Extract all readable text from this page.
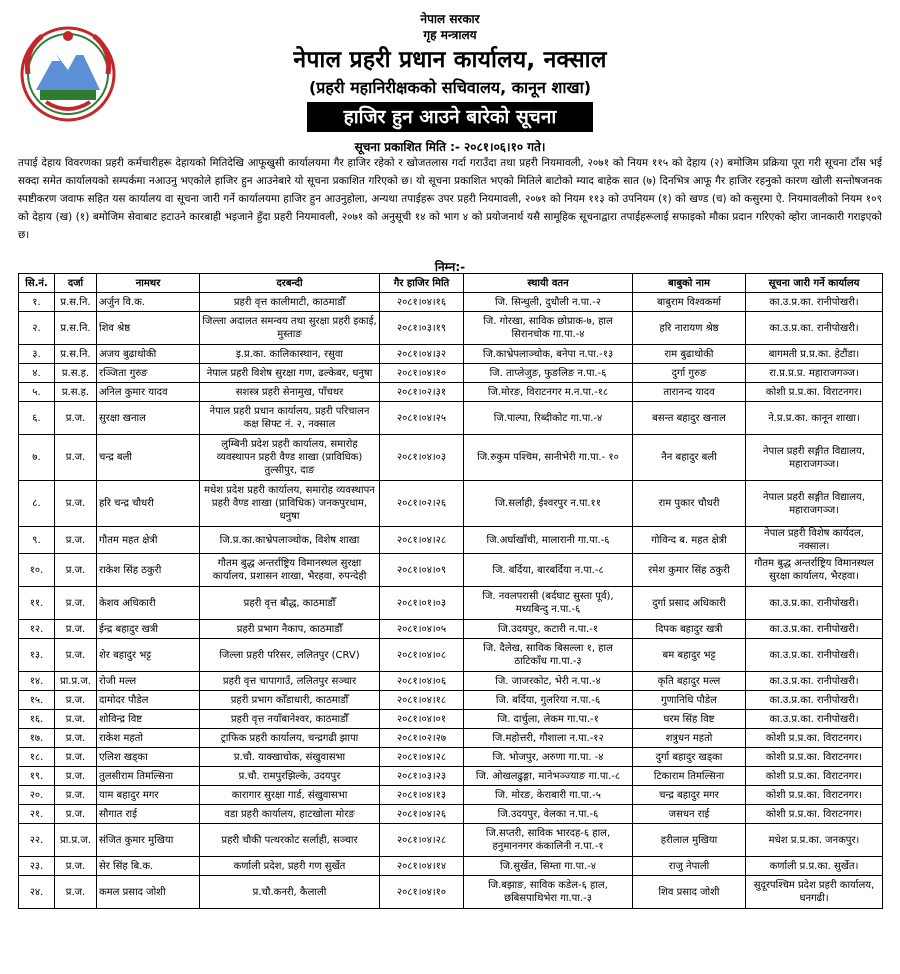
नेपाल सरकार
गृह मन्त्रालय
नेपाल प्रहरी प्रधान कार्यालय, नक्साल
(प्रहरी महानिरीक्षकको सचिवालय, कानून शाखा)
हाजिर हुन आउने बारेको सूचना
सूचना प्रकाशित मिति :- २०८१।०६।१० गते।
तपाई देहाय विवरणका प्रहरी कर्मचारीहरू देहायको मितिदेखि आफूखुसी कार्यालयमा गैर हाजिर रहेको र खोजतलास गर्दा गराउँदा तथा प्रहरी नियमावली, २०७१ को नियम ११५ को देहाय (२) बमोजिम प्रक्रिया पूरा गरी सूचना टाँस भई सक्दा समेत कार्यालयको सम्पर्कमा नआउनु भएकोले हाजिर हुन आउनेबारे यो सूचना प्रकाशित गरिएको छ। यो सूचना प्रकाशित भएको मितिले बाटोको म्याद बाहेक सात (७) दिनभित्र आफू गैर हाजिर रहनुको कारण खोली सन्तोषजनक स्पष्टीकरण जवाफ सहित यस कार्यालय वा सूचना जारी गर्ने कार्यालयमा हाजिर हुन आउनुहोला, अन्यथा तपाईहरू उपर प्रहरी नियमावली, २०७१ को नियम ११३ को उपनियम (१) को खण्ड (च) को कसुरमा ऐ. नियमावलीको नियम १०९ को देहाय (ख) (१) बमोजिम सेवाबाट हटाउने कारबाही भइजाने हुँदा प्रहरी नियमावली, २०७१ को अनुसूची १४ को भाग ४ को प्रयोजनार्थ यसै सामूहिक सूचनाद्वारा तपाईहरूलाई सफाइको मौका प्रदान गरिएको व्होरा जानकारी गराइएको छ।
निम्न:-
सि.नं.	दर्जा	नामथर	दरबन्दी	गैर हाजिर मिति	स्थायी वतन	बाबुको नाम	सूचना जारी गर्ने कार्यालय
१.	प्र.स.नि.	अर्जुन वि.क.	प्रहरी वृत्त कालीमाटी, काठमाडौँ	२०८१।०४।१६	जि. सिन्धुली, दुधौली न.पा.-२	बाबुराम विश्वकर्मा	का.उ.प्र.का. रानीपोखरी।
२.	प्र.स.नि.	शिव श्रेष्ठ	जिल्ला अदालत समन्वय तथा सुरक्षा प्रहरी इकाई, मुस्ताङ	२०८१।०३।१९	जि. गोरखा, साविक छोप्राक-७, हाल सिरानचोक गा.पा.-४	हरि नारायण श्रेष्ठ	का.उ.प्र.का. रानीपोखरी।
३.	प्र.स.नि.	अजय बुढाथोकी	इ.प्र.का. कालिकास्थान, रसुवा	२०८१।०४।३२	जि.काभ्रेपलाञ्चोक, बनेपा न.पा.-१३	राम बुढाथोकी	बागमती प्र.प्र.का. हेटौंडा।
४.	प्र.स.ह.	रञ्जिता गुरुङ	नेपाल प्रहरी विशेष सुरक्षा गण, ढल्केबर, धनुषा	२०८१।०४।१०	जि. ताप्लेजुङ, फुङलिङ न.पा.-६	दुर्गा गुरुङ	रा.प्र.प्र.प्र. महाराजगञ्ज।
५.	प्र.स.ह.	अनिल कुमार यादव	सशस्त्र प्रहरी सेनामुख, पाँचथर	२०८१।०२।३१	जि.मोरङ, विराटनगर म.न.पा.-१८	तारानन्द यादव	कोशी प्र.प्र.का. विराटनगर।
६.	प्र.ज.	सुरक्षा खनाल	नेपाल प्रहरी प्रधान कार्यालय, प्रहरी परिचालन कक्ष सिफ्ट नं. २, नक्साल	२०८१।०४।२५	जि.पाल्पा, रिब्दीकोट गा.पा.-४	बसन्त बहादुर खनाल	ने.प्र.प्र.का. कानून शाखा।
७.	प्र.ज.	चन्द्र बली	लुम्बिनी प्रदेश प्रहरी कार्यालय, समारोह व्यवस्थापन प्रहरी वैण्ड शाखा (प्राविधिक) तुल्सीपुर, दाङ	२०८१।०४।०३	जि.रुकुम पश्चिम, सानीभेरी गा.पा.- १०	नैन बहादुर बली	नेपाल प्रहरी सङ्गीत विद्यालय, महाराजगञ्ज।
८.	प्र.ज.	हरि चन्द्र चौधरी	मधेश प्रदेश प्रहरी कार्यालय, समारोह व्यवस्थापन प्रहरी वैण्ड शाखा (प्राविधिक) जनकपुरधाम, धनुषा	२०८१।०२।२६	जि.सर्लाही, ईश्वरपुर न.पा.११	राम पुकार चौधरी	नेपाल प्रहरी सङ्गीत विद्यालय, महाराजगञ्ज।
९.	प्र.ज.	गौतम महत क्षेत्री	जि.प्र.का.काभ्रेपलाञ्चोक, विशेष शाखा	२०८१।०४।२८	जि.अर्घाखाँची, मालारानी गा.पा.-६	गोविन्द ब. महत क्षेत्री	नेपाल प्रहरी विशेष कार्यदल, नक्साल।
१०.	प्र.ज.	राकेश सिंह ठकुरी	गौतम बुद्ध अन्तर्राष्ट्रिय विमानस्थल सुरक्षा कार्यालय, प्रशासन शाखा, भैरहवा, रुपन्देही	२०८१।०४।०९	जि. बर्दिया, बारबर्दिया न.पा.-८	रमेश कुमार सिंह ठकुरी	गौतम बुद्ध अन्तर्राष्ट्रिय विमानस्थल सुरक्षा कार्यालय, भैरहवा।
११.	प्र.ज.	केशव अधिकारी	प्रहरी वृत्त बौद्ध, काठमाडौँ	२०८१।०१।०३	जि. नवलपरासी (बर्दघाट सुस्ता पूर्व), मध्यबिन्दु न.पा.-६	दुर्गा प्रसाद अधिकारी	का.उ.प्र.का. रानीपोखरी।
१२.	प्र.ज.	ईन्द्र बहादुर खत्री	प्रहरी प्रभाग नैकाप, काठमाडौँ	२०८१।०४।०५	जि.उदयपुर, कटारी न.पा.-१	दिपक बहादुर खत्री	का.उ.प्र.का. रानीपोखरी।
१३.	प्र.ज.	शेर बहादुर भट्ट	जिल्ला प्रहरी परिसर, ललितपुर (CRV)	२०८१।०४।०८	जि. दैलेख, साविक बिसल्ला १, हाल ठाटिकाँध गा.पा.-३	बम बहादुर भट्ट	का.उ.प्र.का. रानीपोखरी।
१४.	प्रा.प्र.ज.	रोजी मल्ल	प्रहरी वृत्त चापागाउँ, ललितपुर सञ्चार	२०८१।०४।०६	जि. जाजरकोट, भेरी न.पा.-४	कृति बहादुर मल्ल	का.उ.प्र.का. रानीपोखरी।
१५.	प्र.ज.	दामोदर पौडेल	प्रहरी प्रभाग कोँडाधारी, काठमाडौँ	२०८१।०४।१८	जि. बर्दिया, गुलरिया न.पा.-६	गुणानिधि पौडेल	का.उ.प्र.का. रानीपोखरी।
१६.	प्र.ज.	शोविन्द्र विष्ट	प्रहरी वृत्त नयाँबानेश्वर, काठमाडौँ	२०८१।०४।०१	जि. दार्चुला, लेकम गा.पा.-१	घरम सिंह विष्ट	का.उ.प्र.का. रानीपोखरी।
१७.	प्र.ज.	राकेश महतो	ट्राफिक प्रहरी कार्यालय, चन्द्रगढी झापा	२०८१।०२।२७	जि.महोत्तरी, गौशाला न.पा.-१२	शत्रुधन महतो	कोशी प्र.प्र.का. विराटनगर।
१८.	प्र.ज.	एलिश खड्का	प्र.चौ. याक्खाचोक, संखुवासभा	२०८१।०४।२८	जि. भोजपुर, अरुणा गा.पा. -४	दुर्गा बहादुर खड्का	कोशी प्र.प्र.का. विराटनगर।
१९.	प्र.ज.	तुलसीराम तिमल्सिना	प्र.चौ. रामपुरझिल्के, उदयपुर	२०८१।०३।२३	जि. ओखलढुङ्गा, मानेभञ्ज्याङ गा.पा.-८	टिकाराम तिमल्सिना	कोशी प्र.प्र.का. विराटनगर।
२०.	प्र.ज.	याम बहादुर मगर	कारागार सुरक्षा गार्ड, संखुवासभा	२०८१।०४।१३	जि. मोरङ, केराबारी गा.पा.-५	चन्द्र बहादुर मगर	कोशी प्र.प्र.का. विराटनगर।
२१.	प्र.ज.	सौगात राई	वडा प्रहरी कार्यालय, हाटखोला मोरङ	२०८१।०४।२६	जि.उदयपुर, वेलका न.पा.-६	जसधन राई	कोशी प्र.प्र.का. विराटनगर।
२२.	प्रा.प्र.ज.	संजित कुमार मुखिया	प्रहरी चौकी पत्थरकोट सर्लाही, सञ्चार	२०८१।०४।२८	जि.सप्तरी, साविक भारदह-६ हाल, हनुमाननगर कंकालिनी न.पा.-१	हरीलाल मुखिया	मधेश प्र.प्र.का. जनकपुर।
२३.	प्र.ज.	सेर सिंह बि.क.	कर्णाली प्रदेश, प्रहरी गण सुर्खेत	२०८१।०४।१४	जि.सुर्खेत, सिम्ता गा.पा.-४	राजु नेपाली	कर्णाली प्र.प्र.का. सुर्खेत।
२४.	प्र.ज.	कमल प्रसाद जोशी	प्र.चौ.कनरी, कैलाली	२०८१।०४।१०	जि.बझाङ, साविक कडेल-६ हाल, छबिसपाथिभेरा गा.पा.-३	शिव प्रसाद जोशी	सुदूरपश्चिम प्रदेश प्रहरी कार्यालय, धनगढी।
